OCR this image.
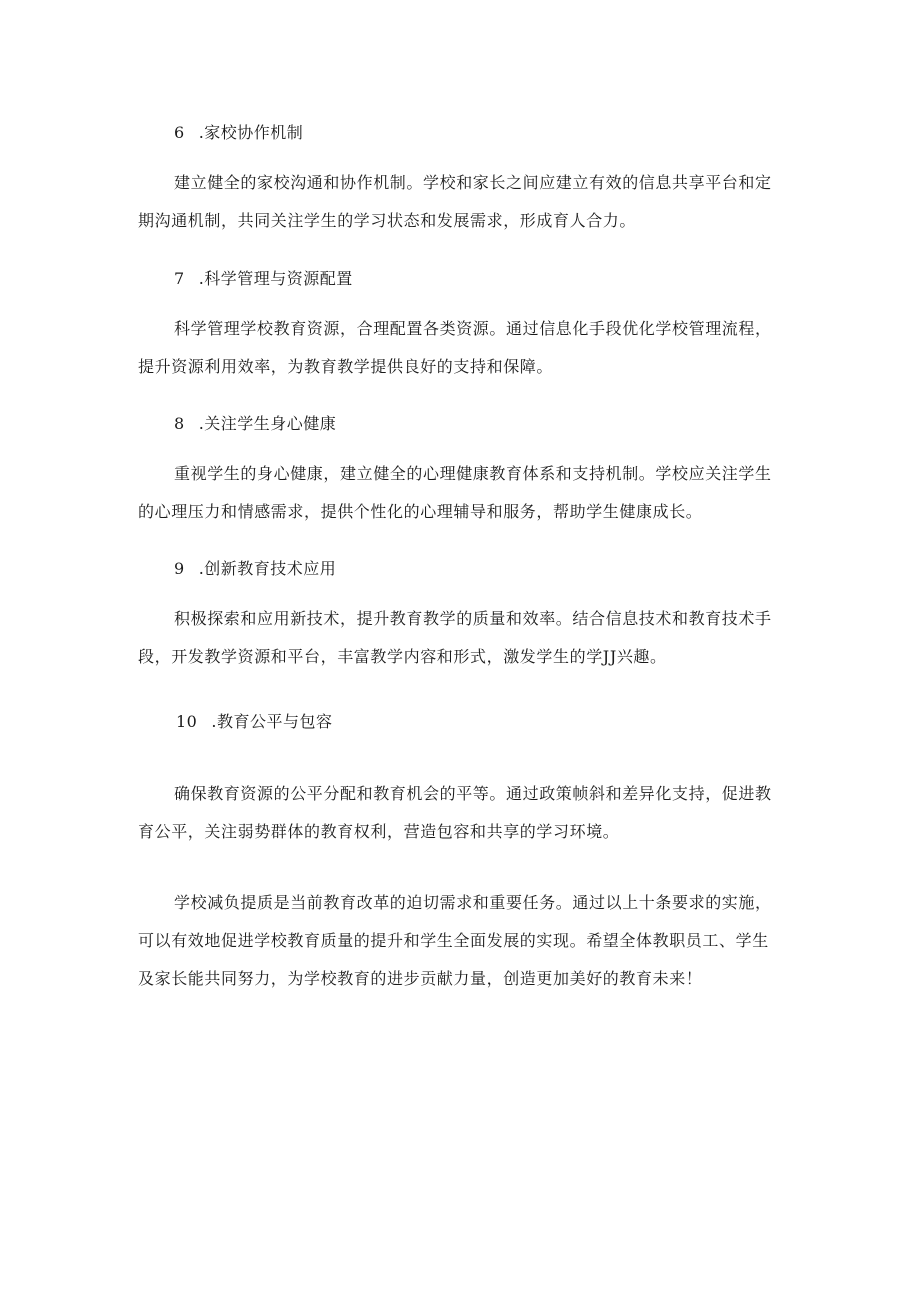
6 .家校协作机制
建立健全的家校沟通和协作机制。学校和家长之间应建立有效的信息共享平台和定
期沟通机制，共同关注学生的学习状态和发展需求，形成育人合力。
7 .科学管理与资源配置
科学管理学校教育资源，合理配置各类资源。通过信息化手段优化学校管理流程，
提升资源利用效率，为教育教学提供良好的支持和保障。
8 .关注学生身心健康
重视学生的身心健康，建立健全的心理健康教育体系和支持机制。学校应关注学生
的心理压力和情感需求，提供个性化的心理辅导和服务，帮助学生健康成长。
9 .创新教育技术应用
积极探索和应用新技术，提升教育教学的质量和效率。结合信息技术和教育技术手
段，开发教学资源和平台，丰富教学内容和形式，激发学生的学JJ兴趣。
10 .教育公平与包容
确保教育资源的公平分配和教育机会的平等。通过政策帧斜和差异化支持，促进教
育公平，关注弱势群体的教育权利，营造包容和共享的学习环境。
学校减负提质是当前教育改革的迫切需求和重要任务。通过以上十条要求的实施，
可以有效地促进学校教育质量的提升和学生全面发展的实现。希望全体教职员工、学生
及家长能共同努力，为学校教育的进步贡献力量，创造更加美好的教育未来！
